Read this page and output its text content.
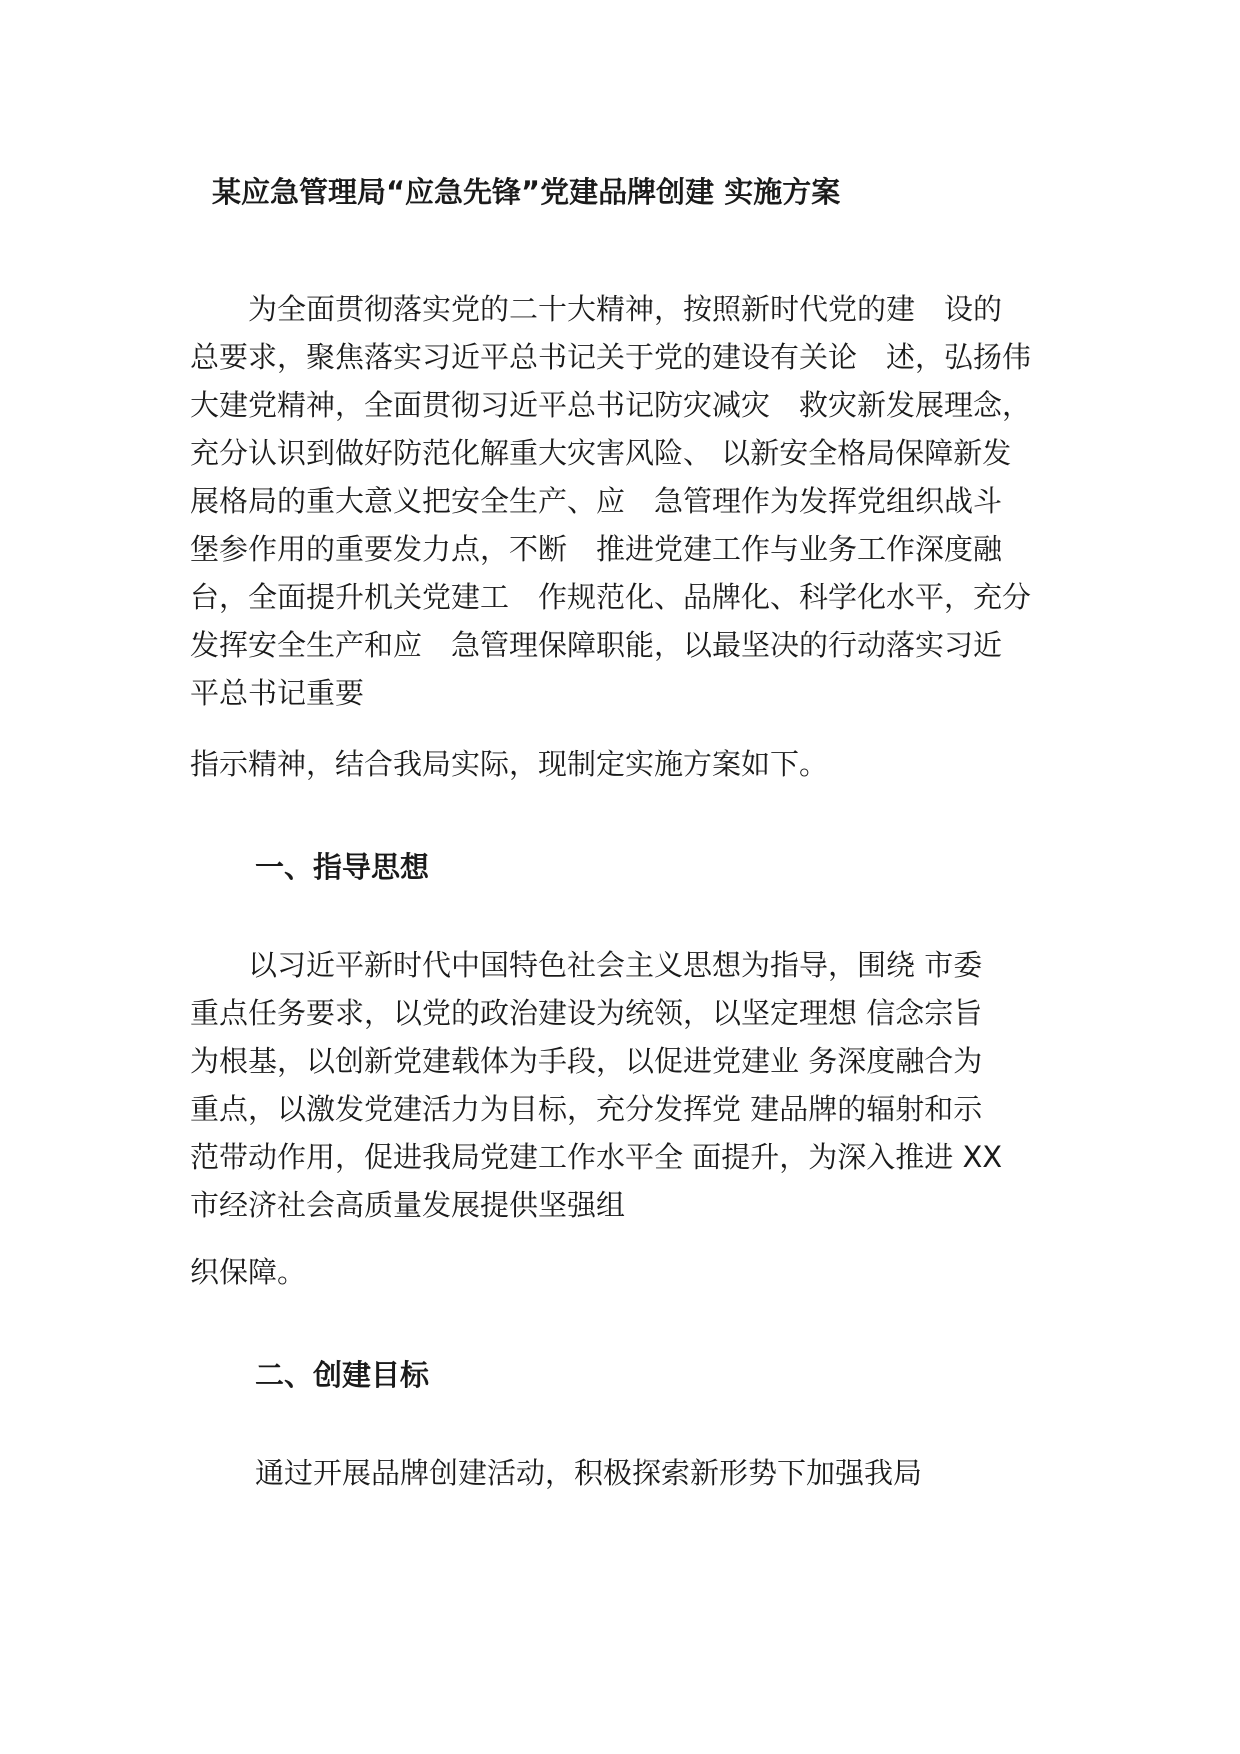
某应急管理局“应急先锋”党建品牌创建 实施方案
　　为全面贯彻落实党的二十大精神，按照新时代党的建　设的
总要求，聚焦落实习近平总书记关于党的建设有关论　述，弘扬伟
大建党精神，全面贯彻习近平总书记防灾减灾　救灾新发展理念，
充分认识到做好防范化解重大灾害风险、 以新安全格局保障新发
展格局的重大意义把安全生产、应　急管理作为发挥党组织战斗
堡参作用的重要发力点，不断　推进党建工作与业务工作深度融
台，全面提升机关党建工　作规范化、品牌化、科学化水平，充分
发挥安全生产和应　急管理保障职能，以最坚决的行动落实习近
平总书记重要

指示精神，结合我局实际，现制定实施方案如下。

一、指导思想
　　以习近平新时代中国特色社会主义思想为指导，围绕 市委
重点任务要求，以党的政治建设为统领，以坚定理想 信念宗旨
为根基，以创新党建载体为手段，以促进党建业 务深度融合为
重点，以激发党建活力为目标，充分发挥党 建品牌的辐射和示
范带动作用，促进我局党建工作水平全 面提升，为深入推进 XX
市经济社会高质量发展提供坚强组

织保障。

二、创建目标

通过开展品牌创建活动，积极探索新形势下加强我局
